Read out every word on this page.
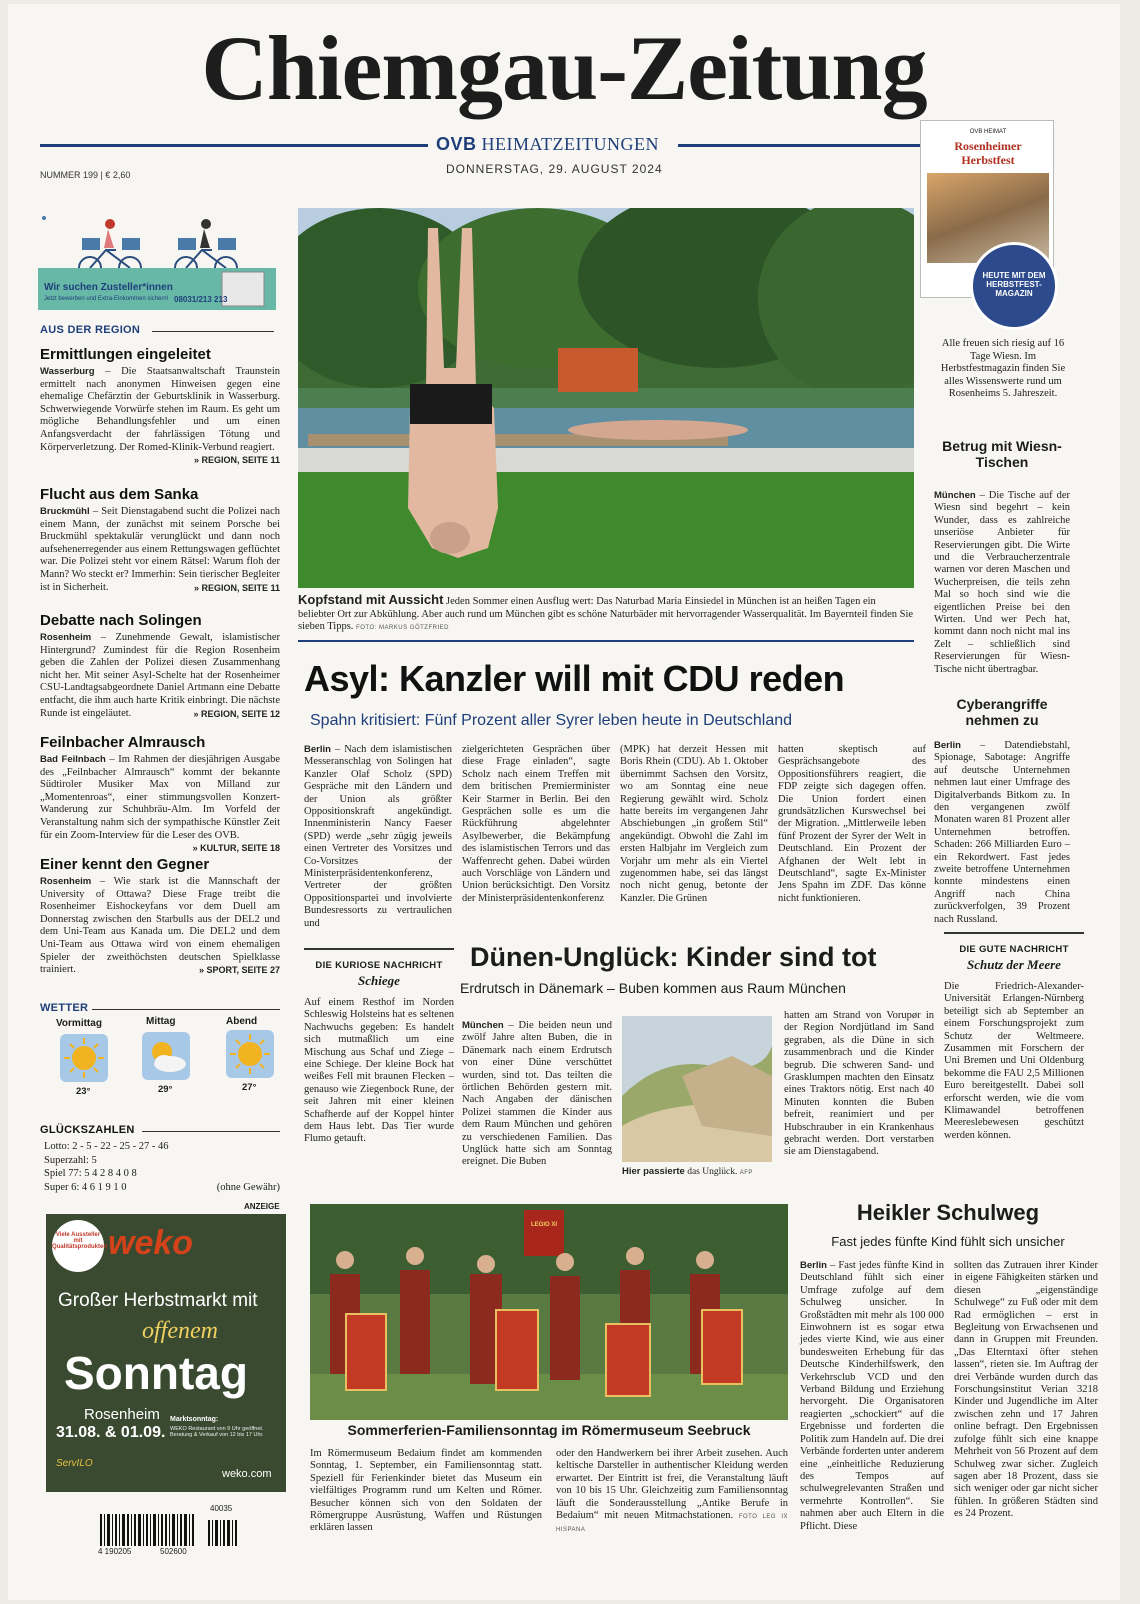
Chiemgau-Zeitung
OVB HEIMATZEITUNGEN
DONNERSTAG, 29. AUGUST 2024
NUMMER 199 | € 2,60
Wir suchen Zusteller*innen
Jetzt bewerben und Extra-Einkommen sichern! 08031/213 213
OVB HEIMAT
Rosenheimer
Herbstfest
HEUTE MIT DEM HERBSTFEST-MAGAZIN
Alle freuen sich riesig auf 16 Tage Wiesn. Im Herbstfestmagazin finden Sie alles Wissenswerte rund um Rosenheims 5. Jahreszeit.
AUS DER REGION
Ermittlungen eingeleitet
Wasserburg – Die Staatsanwaltschaft Traunstein ermittelt nach anonymen Hinweisen gegen eine ehemalige Chefärztin der Geburtsklinik in Wasserburg. Schwerwiegende Vorwürfe stehen im Raum. Es geht um mögliche Behandlungsfehler und um einen Anfangsverdacht der fahrlässigen Tötung und Körperverletzung. Der Romed-Klinik-Verbund reagiert.
» REGION, SEITE 11
Flucht aus dem Sanka
Bruckmühl – Seit Dienstagabend sucht die Polizei nach einem Mann, der zunächst mit seinem Porsche bei Bruckmühl spektakulär verunglückt und dann noch aufsehenerregender aus einem Rettungswagen geflüchtet war. Die Polizei steht vor einem Rätsel: Warum floh der Mann? Wo steckt er? Immerhin: Sein tierischer Begleiter ist in Sicherheit.	» REGION, SEITE 11
Debatte nach Solingen
Rosenheim – Zunehmende Gewalt, islamistischer Hintergrund? Zumindest für die Region Rosenheim geben die Zahlen der Polizei diesen Zusammenhang nicht her. Mit seiner Asyl-Schelte hat der Rosenheimer CSU-Landtagsabgeordnete Daniel Artmann eine Debatte entfacht, die ihm auch harte Kritik einbringt. Die nächste Runde ist eingeläutet.	» REGION, SEITE 12
Feilnbacher Almrausch
Bad Feilnbach – Im Rahmen der diesjährigen Ausgabe des „Feilnbacher Almrausch“ kommt der bekannte Südtiroler Musiker Max von Milland zur „Momentenroas“, einer stimmungsvollen Konzert-Wanderung zur Schuhbräu-Alm. Im Vorfeld der Veranstaltung nahm sich der sympathische Künstler Zeit für ein Zoom-Interview für die Leser des OVB.
» KULTUR, SEITE 18
Einer kennt den Gegner
Rosenheim – Wie stark ist die Mannschaft der University of Ottawa? Diese Frage treibt die Rosenheimer Eishockeyfans vor dem Duell am Donnerstag zwischen den Starbulls aus der DEL2 und dem Uni-Team aus Kanada um. Die DEL2 und dem Uni-Team aus Ottawa wird von einem ehemaligen Spieler der zweithöchsten deutschen Spielklasse trainiert.	» SPORT, SEITE 27
WETTER
Vormittag	Mittag	Abend
23°	29°	27°
GLÜCKSZAHLEN
Lotto: 2 - 5 - 22 - 25 - 27 - 46
Superzahl: 5
Spiel 77: 5 4 2 8 4 0 8
Super 6: 4 6 1 9 1 0	(ohne Gewähr)
ANZEIGE
Viele Aussteller mit Qualitätsprodukten weko
Großer Herbstmarkt mit
offenem
Sonntag
Rosenheim
31.08. & 01.09.
Marktsonntag:
WEKO Restaurant von 9 Uhr geöffnet. Beratung & Verkauf von 12 bis 17 Uhr.
ServILO
weko.com
40035
4 190205	502600
Kopfstand mit Aussicht Jeden Sommer einen Ausflug wert: Das Naturbad Maria Einsiedel in München ist an heißen Tagen ein beliebter Ort zur Abkühlung. Aber auch rund um München gibt es schöne Naturbäder mit hervorragender Wasserqualität. Im Bayernteil finden Sie sieben Tipps. FOTO: MARKUS GÖTZFRIED
Asyl: Kanzler will mit CDU reden
Spahn kritisiert: Fünf Prozent aller Syrer leben heute in Deutschland
Berlin – Nach dem islamistischen Messeranschlag von Solingen hat Kanzler Olaf Scholz (SPD) Gespräche mit den Ländern und der Union als größter Oppositionskraft angekündigt. Innenministerin Nancy Faeser (SPD) werde „sehr zügig jeweils einen Vertreter des Vorsitzes und Co-Vorsitzes der Ministerpräsidentenkonferenz, Vertreter der größten Oppositionspartei und involvierte Bundesressorts zu vertraulichen und
zielgerichteten Gesprächen über diese Frage einladen“, sagte Scholz nach einem Treffen mit dem britischen Premierminister Keir Starmer in Berlin. Bei den Gesprächen solle es um die Rückführung abgelehnter Asylbewerber, die Bekämpfung des islamistischen Terrors und das Waffenrecht gehen. Dabei würden auch Vorschläge von Ländern und Union berücksichtigt. Den Vorsitz der Ministerpräsidentenkonferenz
(MPK) hat derzeit Hessen mit Boris Rhein (CDU). Ab 1. Oktober übernimmt Sachsen den Vorsitz, wo am Sonntag eine neue Regierung gewählt wird. Scholz hatte bereits im vergangenen Jahr Abschiebungen „in großem Stil“ angekündigt. Obwohl die Zahl im ersten Halbjahr im Vergleich zum Vorjahr um mehr als ein Viertel zugenommen habe, sei das längst noch nicht genug, betonte der Kanzler. Die Grünen
hatten skeptisch auf Gesprächsangebote des Oppositionsführers reagiert, die FDP zeigte sich dagegen offen. Die Union fordert einen grundsätzlichen Kurswechsel bei der Migration. „Mittlerweile leben fünf Prozent der Syrer der Welt in Deutschland. Ein Prozent der Afghanen der Welt lebt in Deutschland“, sagte Ex-Minister Jens Spahn im ZDF. Das könne nicht funktionieren.
Betrug mit Wiesn-Tischen
München – Die Tische auf der Wiesn sind begehrt – kein Wunder, dass es zahlreiche unseriöse Anbieter für Reservierungen gibt. Die Wirte und die Verbraucherzentrale warnen vor deren Maschen und Wucherpreisen, die teils zehn Mal so hoch sind wie die eigentlichen Preise bei den Wirten. Und wer Pech hat, kommt dann noch nicht mal ins Zelt – schließlich sind Reservierungen für Wiesn-Tische nicht übertragbar.
Cyberangriffe nehmen zu
Berlin – Datendiebstahl, Spionage, Sabotage: Angriffe auf deutsche Unternehmen nehmen laut einer Umfrage des Digitalverbands Bitkom zu. In den vergangenen zwölf Monaten waren 81 Prozent aller Unternehmen betroffen. Schaden: 266 Milliarden Euro – ein Rekordwert. Fast jedes zweite betroffene Unternehmen konnte mindestens einen Angriff nach China zurückverfolgen, 39 Prozent nach Russland.
DIE KURIOSE NACHRICHT
Schiege
Auf einem Resthof im Norden Schleswig Holsteins hat es seltenen Nachwuchs gegeben: Es handelt sich mutmaßlich um eine Mischung aus Schaf und Ziege – eine Schiege. Der kleine Bock hat weißes Fell mit braunen Flecken – genauso wie Ziegenbock Rune, der seit Jahren mit einer kleinen Schafherde auf der Koppel hinter dem Haus lebt. Das Tier wurde Flumo getauft.
Dünen-Unglück: Kinder sind tot
Erdrutsch in Dänemark – Buben kommen aus Raum München
München – Die beiden neun und zwölf Jahre alten Buben, die in Dänemark nach einem Erdrutsch von einer Düne verschüttet wurden, sind tot. Das teilten die örtlichen Behörden gestern mit. Nach Angaben der dänischen Polizei stammen die Kinder aus dem Raum München und gehören zu verschiedenen Familien. Das Unglück hatte sich am Sonntag ereignet. Die Buben
Hier passierte das Unglück. AFP
hatten am Strand von Vorupør in der Region Nordjütland im Sand gegraben, als die Düne in sich zusammenbrach und die Kinder begrub. Die schweren Sand- und Grasklumpen machten den Einsatz eines Traktors nötig. Erst nach 40 Minuten konnten die Buben befreit, reanimiert und per Hubschrauber in ein Krankenhaus gebracht werden. Dort verstarben sie am Dienstagabend.
DIE GUTE NACHRICHT
Schutz der Meere
Die Friedrich-Alexander-Universität Erlangen-Nürnberg beteiligt sich ab September an einem Forschungsprojekt zum Schutz der Weltmeere. Zusammen mit Forschern der Uni Bremen und Uni Oldenburg bekomme die FAU 2,5 Millionen Euro bereitgestellt. Dabei soll erforscht werden, wie die vom Klimawandel betroffenen Meereslebewesen geschützt werden können.
LEGIO XI
Sommerferien-Familiensonntag im Römermuseum Seebruck
Im Römermuseum Bedaium findet am kommenden Sonntag, 1. September, ein Familiensonntag statt. Speziell für Ferienkinder bietet das Museum ein vielfältiges Programm rund um Kelten und Römer. Besucher können sich von den Soldaten der Römergruppe Ausrüstung, Waffen und Rüstungen erklären lassen
oder den Handwerkern bei ihrer Arbeit zusehen. Auch keltische Darsteller in authentischer Kleidung werden erwartet. Der Eintritt ist frei, die Veranstaltung läuft von 10 bis 15 Uhr. Gleichzeitig zum Familiensonntag läuft die Sonderausstellung „Antike Berufe in Bedaium“ mit neuen Mitmachstationen. FOTO LEG IX HISPANA
Heikler Schulweg
Fast jedes fünfte Kind fühlt sich unsicher
Berlin – Fast jedes fünfte Kind in Deutschland fühlt sich einer Umfrage zufolge auf dem Schulweg unsicher. In Großstädten mit mehr als 100 000 Einwohnern ist es sogar etwa jedes vierte Kind, wie aus einer bundesweiten Erhebung für das Deutsche Kinderhilfswerk, den Verkehrsclub VCD und den Verband Bildung und Erziehung hervorgeht. Die Organisatoren reagierten „schockiert“ auf die Ergebnisse und forderten die Politik zum Handeln auf. Die drei Verbände forderten unter anderem eine „einheitliche Reduzierung des Tempos auf schulwegrelevanten Straßen und vermehrte Kontrollen“. Sie nahmen aber auch Eltern in die Pflicht. Diese
sollten das Zutrauen ihrer Kinder in eigene Fähigkeiten stärken und diesen „eigenständige Schulwege“ zu Fuß oder mit dem Rad ermöglichen – erst in Begleitung von Erwachsenen und dann in Gruppen mit Freunden. „Das Elterntaxi öfter stehen lassen“, rieten sie. Im Auftrag der drei Verbände wurden durch das Forschungsinstitut Verian 3218 Kinder und Jugendliche im Alter zwischen zehn und 17 Jahren online befragt. Den Ergebnissen zufolge fühlt sich eine knappe Mehrheit von 56 Prozent auf dem Schulweg zwar sicher. Zugleich sagen aber 18 Prozent, dass sie sich weniger oder gar nicht sicher fühlen. In größeren Städten sind es 24 Prozent.
